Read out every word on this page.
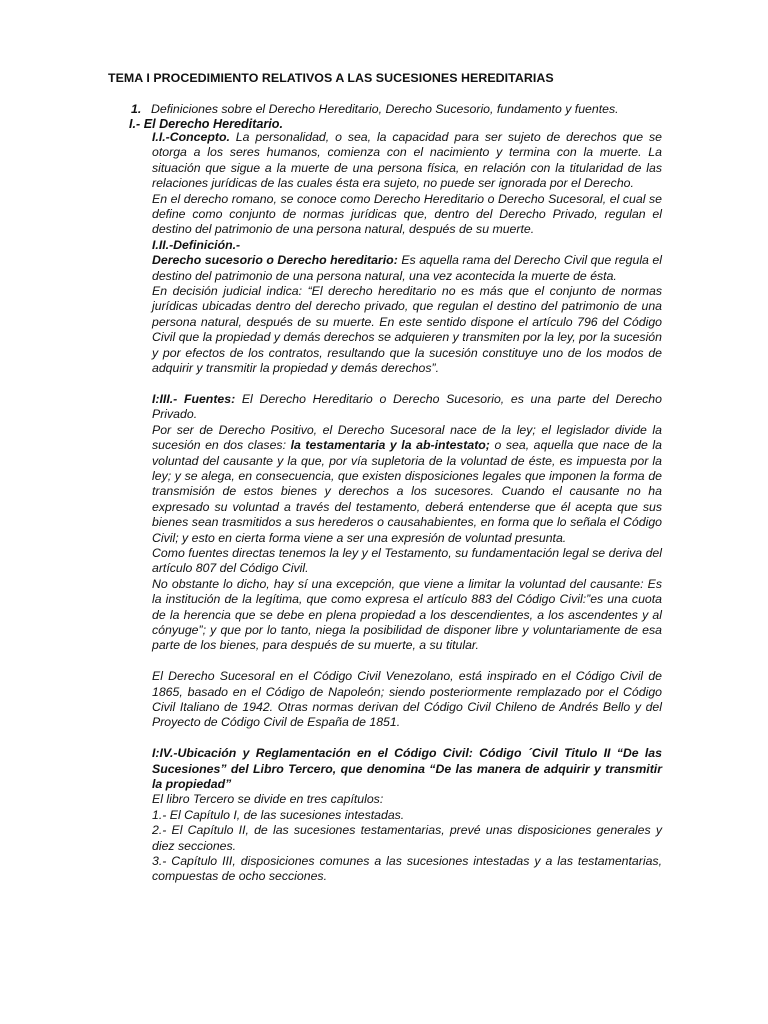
TEMA I PROCEDIMIENTO RELATIVOS A LAS SUCESIONES HEREDITARIAS
1. Definiciones sobre el Derecho Hereditario, Derecho Sucesorio, fundamento y fuentes.
I.- El Derecho Hereditario.

I.I.-Concepto. La personalidad, o sea, la capacidad para ser sujeto de derechos que se otorga a los seres humanos, comienza con el nacimiento y termina con la muerte. La situación que sigue a la muerte de una persona física, en relación con la titularidad de las relaciones jurídicas de las cuales ésta era sujeto, no puede ser ignorada por el Derecho.

En el derecho romano, se conoce como Derecho Hereditario o Derecho Sucesoral, el cual se define como conjunto de normas jurídicas que, dentro del Derecho Privado, regulan el destino del patrimonio de una persona natural, después de su muerte.

I.II.-Definición.-

Derecho sucesorio o Derecho hereditario: Es aquella rama del Derecho Civil que regula el destino del patrimonio de una persona natural, una vez acontecida la muerte de ésta.

En decisión judicial indica: “El derecho hereditario no es más que el conjunto de normas jurídicas ubicadas dentro del derecho privado, que regulan el destino del patrimonio de una persona natural, después de su muerte. En este sentido dispone el artículo 796 del Código Civil que la propiedad y demás derechos se adquieren y transmiten por la ley, por la sucesión y por efectos de los contratos, resultando que la sucesión constituye uno de los modos de adquirir y transmitir la propiedad y demás derechos”.

I:III.- Fuentes: El Derecho Hereditario o Derecho Sucesorio, es una parte del Derecho Privado.

Por ser de Derecho Positivo, el Derecho Sucesoral nace de la ley; el legislador divide la sucesión en dos clases: la testamentaria y la ab-intestato; o sea, aquella que nace de la voluntad del causante y la que, por vía supletoria de la voluntad de éste, es impuesta por la ley; y se alega, en consecuencia, que existen disposiciones legales que imponen la forma de transmisión de estos bienes y derechos a los sucesores. Cuando el causante no ha expresado su voluntad a través del testamento, deberá entenderse que él acepta que sus bienes sean trasmitidos a sus herederos o causahabientes, en forma que lo señala el Código Civil; y esto en cierta forma viene a ser una expresión de voluntad presunta.

Como fuentes directas tenemos la ley y el Testamento, su fundamentación legal se deriva del artículo 807 del Código Civil.

No obstante lo dicho, hay sí una excepción, que viene a limitar la voluntad del causante: Es la institución de la legítima, que como expresa el artículo 883 del Código Civil:”es una cuota de la herencia que se debe en plena propiedad a los descendientes, a los ascendentes y al cónyuge”; y que por lo tanto, niega la posibilidad de disponer libre y voluntariamente de esa parte de los bienes, para después de su muerte, a su titular.

El Derecho Sucesoral en el Código Civil Venezolano, está inspirado en el Código Civil de 1865, basado en el Código de Napoleón; siendo posteriormente remplazado por el Código Civil Italiano de 1942. Otras normas derivan del Código Civil Chileno de Andrés Bello y del Proyecto de Código Civil de España de 1851.

I:IV.-Ubicación y Reglamentación en el Código Civil: Código ´Civil Titulo II “De las Sucesiones” del Libro Tercero, que denomina “De las manera de adquirir y transmitir la propiedad”

El libro Tercero se divide en tres capítulos:

1.- El Capítulo I, de las sucesiones intestadas.

2.- El Capítulo II, de las sucesiones testamentarias, prevé unas disposiciones generales y diez secciones.

3.- Capítulo III, disposiciones comunes a las sucesiones intestadas y a las testamentarias, compuestas de ocho secciones.
